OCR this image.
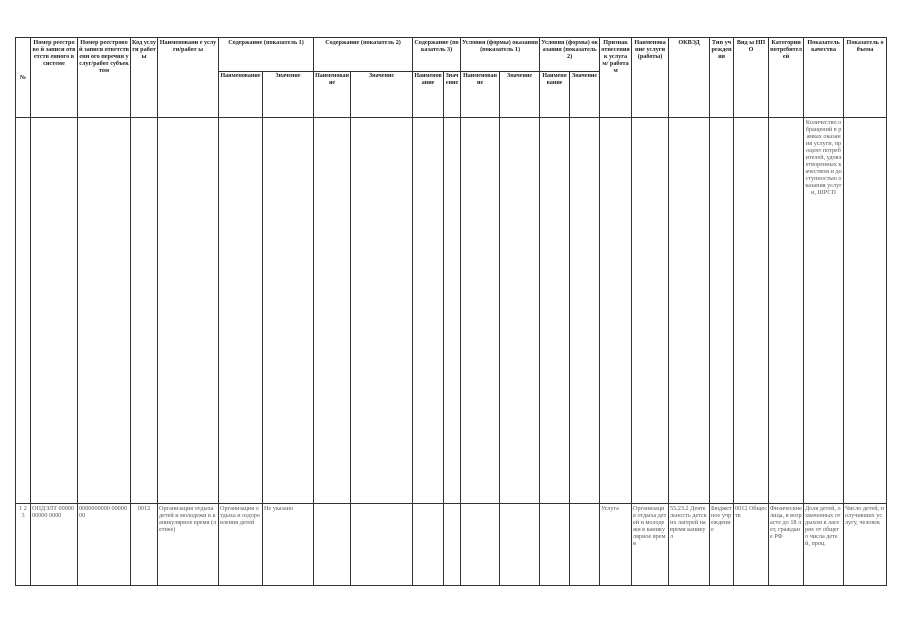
№	Номер реестрово й записи ответств енного в системе	Номер реестровой записи ответственн ого перечня услуг/работ субъектом	Код услуги работы	Наименовани е услуги/работ ы	Содержание (показатель 1)		Содержание (показатель 2)		Содержание (показатель 3)		Условия (формы) оказания (показатель 1)		Условия (формы) оказания (показатель 2)		Признак отнесения к услугам/ работам	Наименование услуги (работы)	ОКВЭД	Тип учреждения	Вид ы НПО	Категории потребителей	Показатель качества	Показатель объема
					Наименование	Значение	Наименование	Значение	Наименование	Значение	Наименование	Значение	Наименование	Значение								
																					Количество обращений в рамках оказания услуги, процент потребителей, удовлетворенных качеством и доступностью оказания услуги, ШРСП	
1 2 3	ОПДЭЛТ 0000000000 0000	0000000000 0000000	0012	Организация отдыха детей и молодежи в каникулярное время (летнее)	Организация отдыха и оздоровления детей	Не указано									Услуга	Организация отдыха детей и молодежи в каникулярное время	55.23.2 Деятельность детских лагерей на время каникул	Бюджетное учреждение	0012 Обществ	Физические лица, в возрасте до 18 лет, граждане РФ	Доля детей, охваченных отдыхом в лагерях от общего числа детей, проц.	Число детей, получивших услугу, человек
